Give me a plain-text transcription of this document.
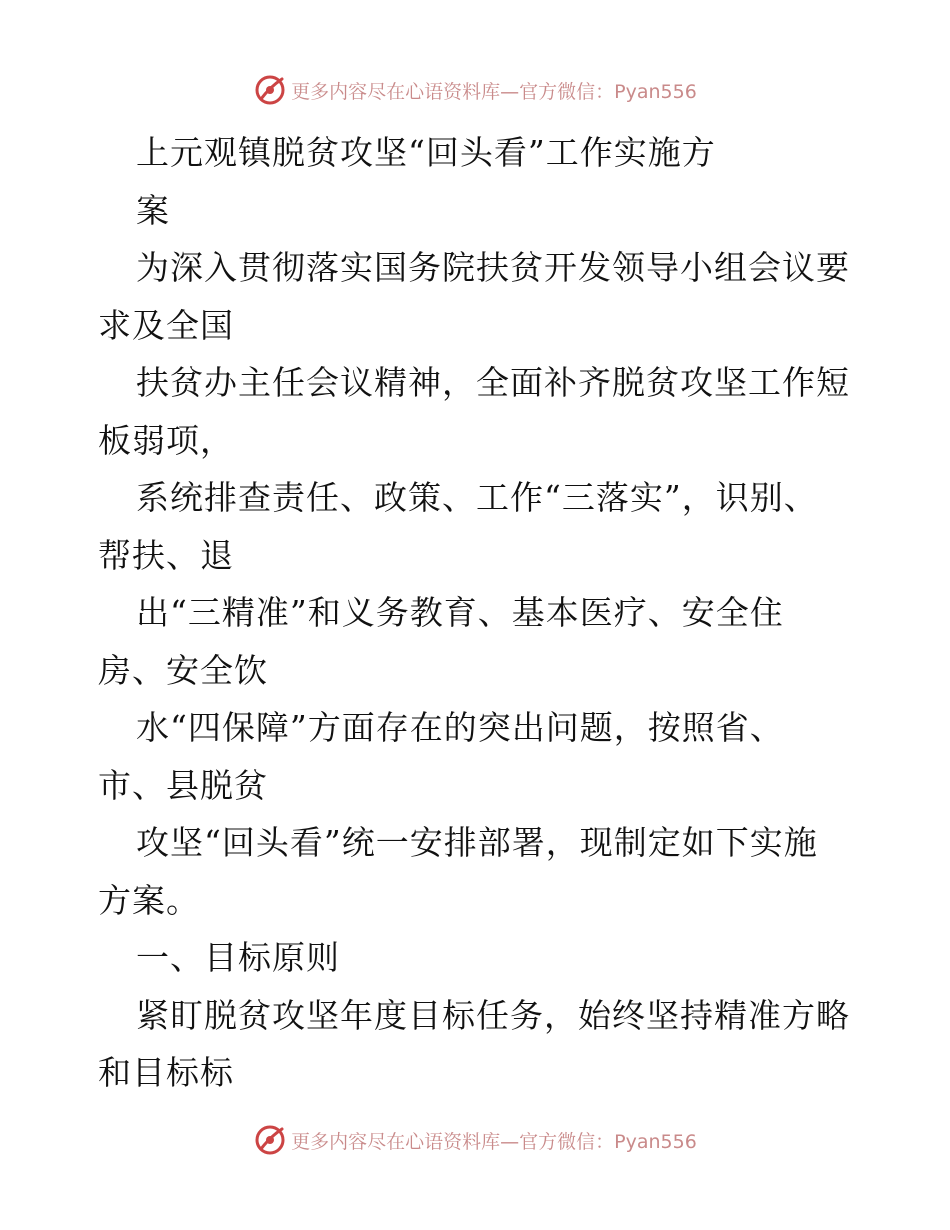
更多内容尽在心语资料库—官方微信：Pyan556
上元观镇脱贫攻坚“回头看”工作实施方
案
为深入贯彻落实国务院扶贫开发领导小组会议要
求及全国
扶贫办主任会议精神，全面补齐脱贫攻坚工作短
板弱项，
系统排查责任、政策、工作“三落实”，识别、
帮扶、退
出“三精准”和义务教育、基本医疗、安全住
房、安全饮
水“四保障”方面存在的突出问题，按照省、
市、县脱贫
攻坚“回头看”统一安排部署，现制定如下实施
方案。
一、目标原则
紧盯脱贫攻坚年度目标任务，始终坚持精准方略
和目标标
更多内容尽在心语资料库—官方微信：Pyan556
